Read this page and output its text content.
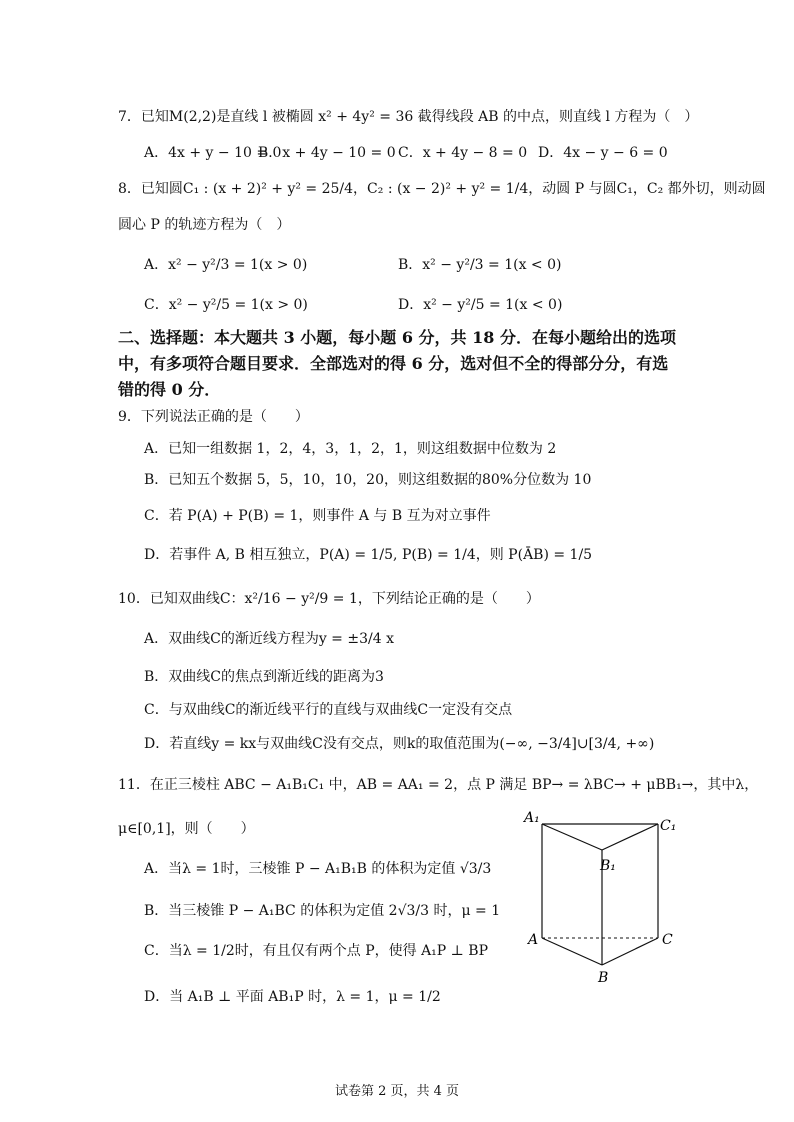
7．已知M(2,2)是直线 l 被椭圆 x² + 4y² = 36 截得线段 AB 的中点，则直线 l 方程为（　）
A．4x + y − 10 = 0
B．x + 4y − 10 = 0 C．x + 4y − 8 = 0 D．4x − y − 6 = 0
8．已知圆C₁ : (x + 2)² + y² = 25/4，C₂ : (x − 2)² + y² = 1/4，动圆 P 与圆C₁，C₂ 都外切，则动圆
圆心 P 的轨迹方程为（　）
A．x² − y²/3 = 1(x > 0)	B．x² − y²/3 = 1(x < 0)
C．x² − y²/5 = 1(x > 0)	D．x² − y²/5 = 1(x < 0)
二、选择题：本大题共 3 小题，每小题 6 分，共 18 分．在每小题给出的选项
中，有多项符合题目要求．全部选对的得 6 分，选对但不全的得部分分，有选
错的得 0 分．
9．下列说法正确的是（　　）
A．已知一组数据 1，2，4，3，1，2，1，则这组数据中位数为 2
B．已知五个数据 5，5，10，10，20，则这组数据的80%分位数为 10
C．若 P(A) + P(B) = 1，则事件 A 与 B 互为对立事件
D．若事件 A, B 相互独立，P(A) = 1/5, P(B) = 1/4，则 P(ĀB) = 1/5
10．已知双曲线C：x²/16 − y²/9 = 1，下列结论正确的是（　　）
A．双曲线C的渐近线方程为y = ±3/4 x
B．双曲线C的焦点到渐近线的距离为3
C．与双曲线C的渐近线平行的直线与双曲线C一定没有交点
D．若直线y = kx与双曲线C没有交点，则k的取值范围为(−∞, −3/4]∪[3/4, +∞)
11．在正三棱柱 ABC − A₁B₁C₁ 中，AB = AA₁ = 2，点 P 满足 BP→ = λBC→ + μBB₁→，其中λ，
μ∈[0,1]，则（　　）
A．当λ = 1时，三棱锥 P − A₁B₁B 的体积为定值 √3/3
B．当三棱锥 P − A₁BC 的体积为定值 2√3/3 时，μ = 1
C．当λ = 1/2时，有且仅有两个点 P，使得 A₁P ⊥ BP
D．当 A₁B ⊥ 平面 AB₁P 时，λ = 1，μ = 1/2
A₁	C₁
B₁
A	C
B
试卷第 2 页，共 4 页
